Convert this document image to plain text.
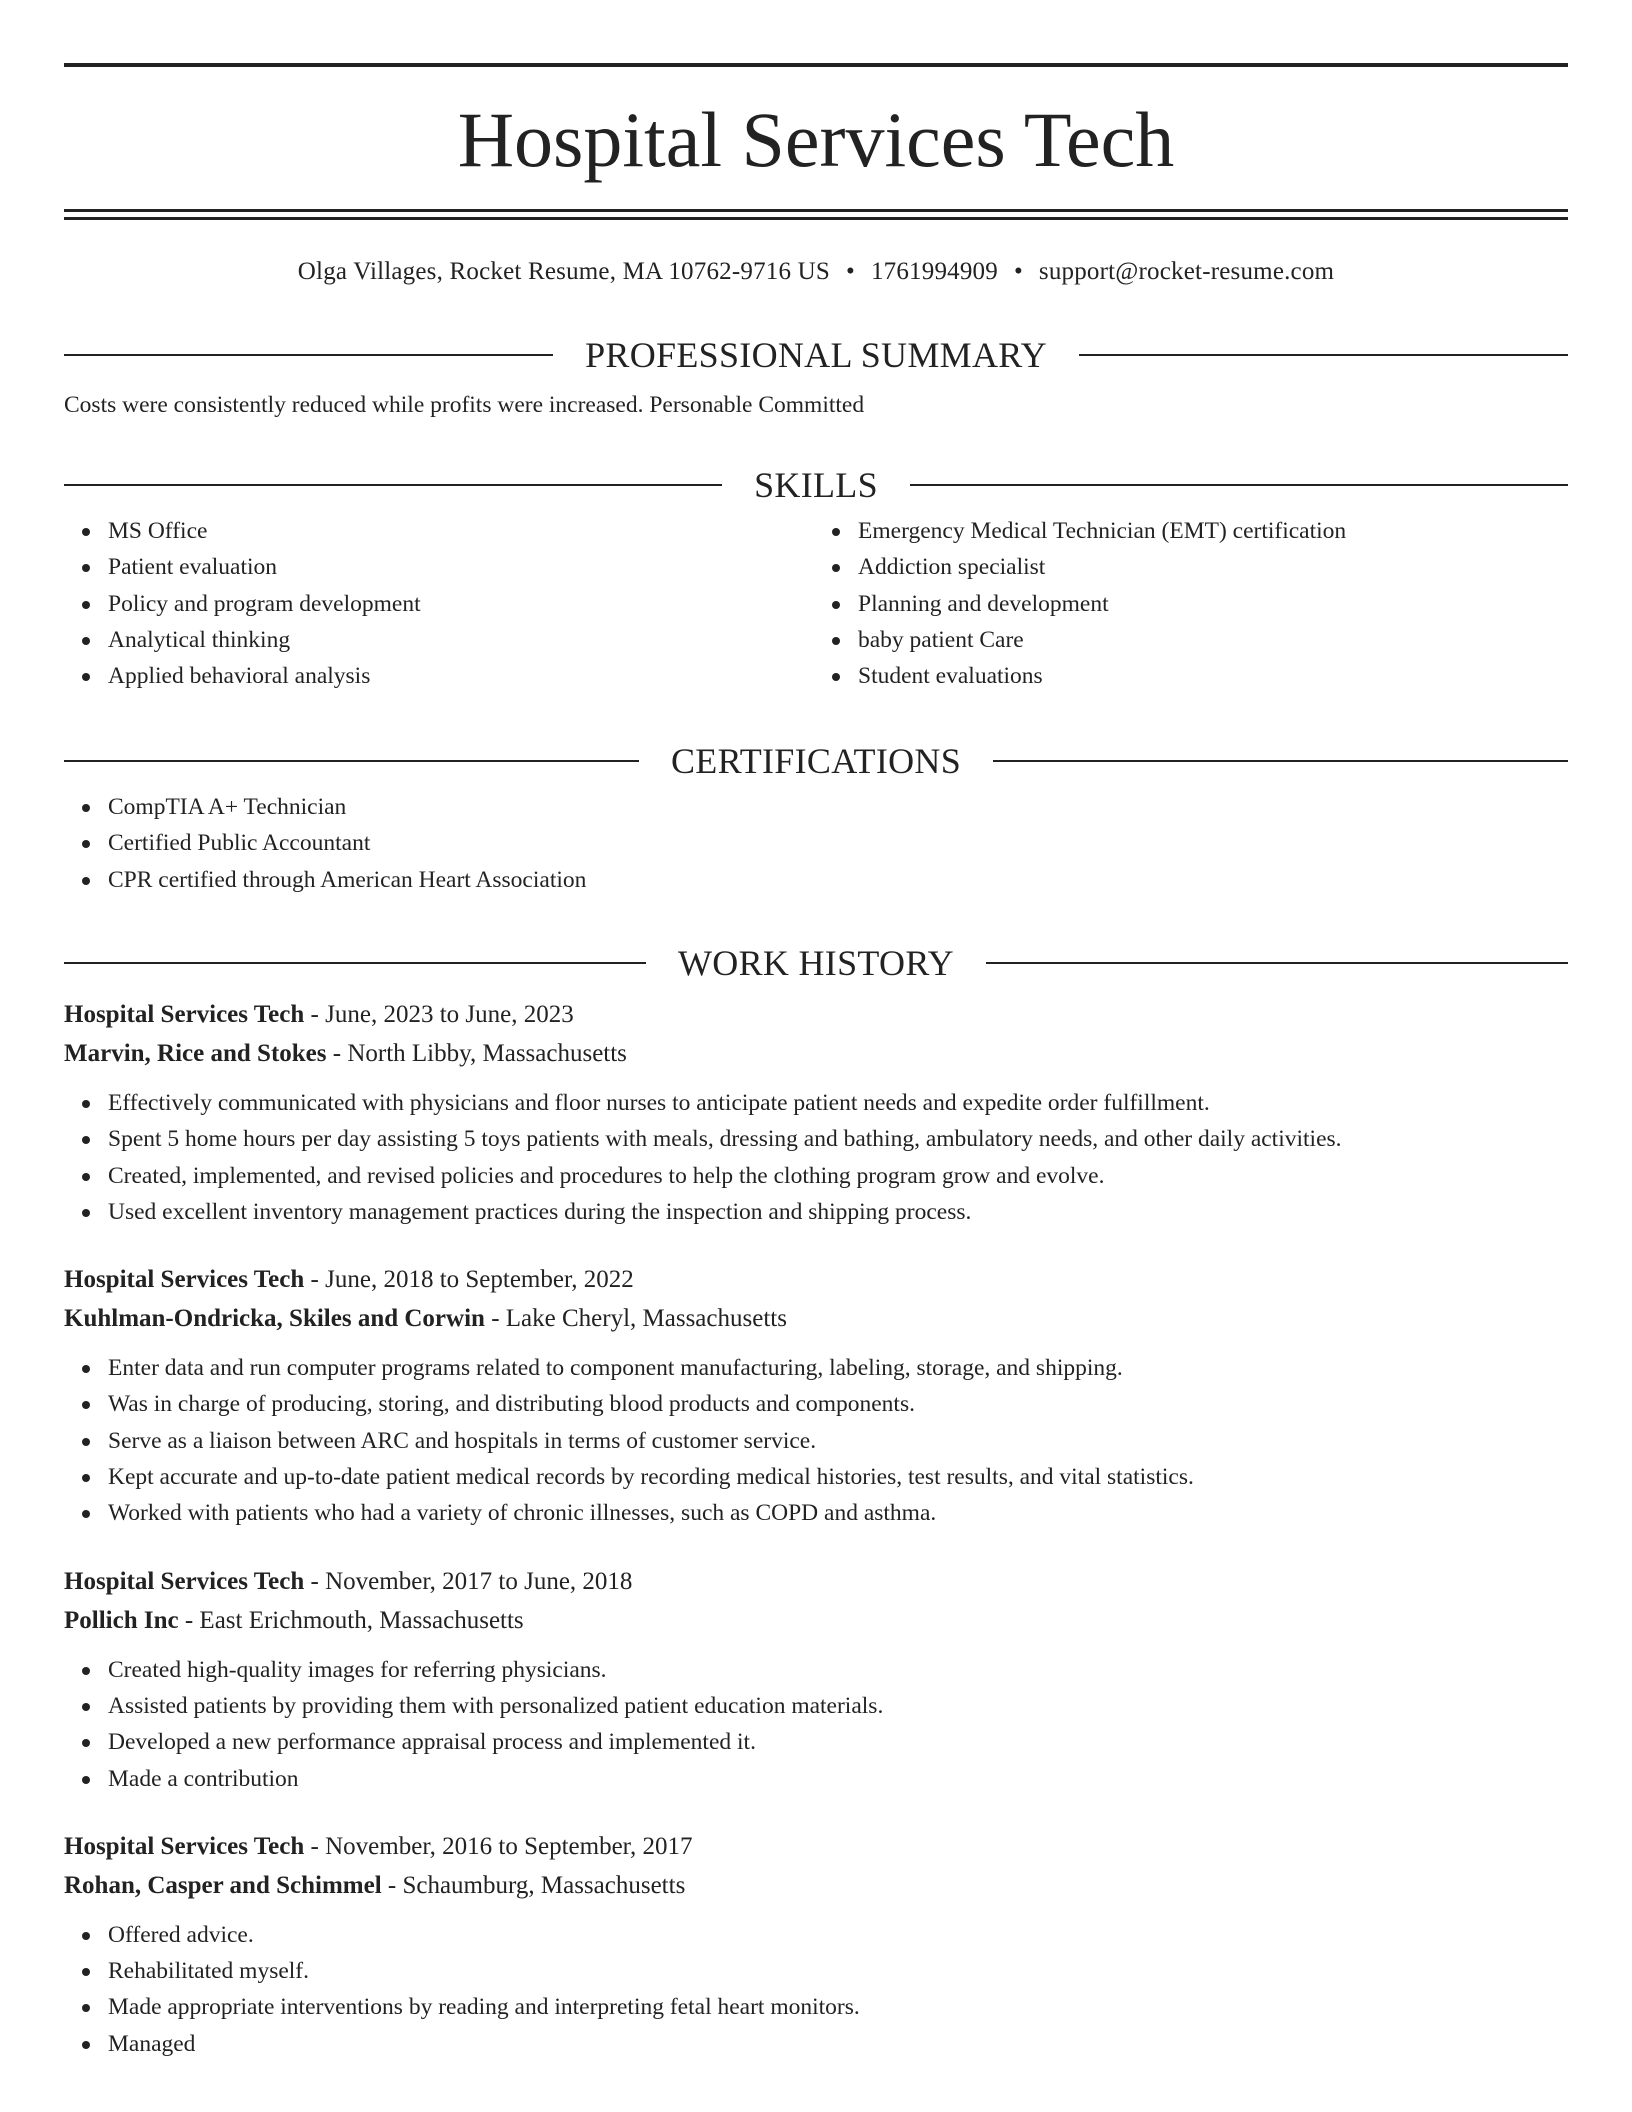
Hospital Services Tech
Olga Villages, Rocket Resume, MA 10762-9716 US • 1761994909 • support@rocket-resume.com
PROFESSIONAL SUMMARY

Costs were consistently reduced while profits were increased. Personable Committed

SKILLS
MS Office
Patient evaluation
Policy and program development
Analytical thinking
Applied behavioral analysis
Emergency Medical Technician (EMT) certification
Addiction specialist
Planning and development
baby patient Care
Student evaluations
CERTIFICATIONS
CompTIA A+ Technician
Certified Public Accountant
CPR certified through American Heart Association
WORK HISTORY

Hospital Services Tech - June, 2023 to June, 2023

Marvin, Rice and Stokes - North Libby, Massachusetts

Effectively communicated with physicians and floor nurses to anticipate patient needs and expedite order fulfillment.
Spent 5 home hours per day assisting 5 toys patients with meals, dressing and bathing, ambulatory needs, and other daily activities.
Created, implemented, and revised policies and procedures to help the clothing program grow and evolve.
Used excellent inventory management practices during the inspection and shipping process.

Hospital Services Tech - June, 2018 to September, 2022

Kuhlman-Ondricka, Skiles and Corwin - Lake Cheryl, Massachusetts

Enter data and run computer programs related to component manufacturing, labeling, storage, and shipping.
Was in charge of producing, storing, and distributing blood products and components.
Serve as a liaison between ARC and hospitals in terms of customer service.
Kept accurate and up-to-date patient medical records by recording medical histories, test results, and vital statistics.
Worked with patients who had a variety of chronic illnesses, such as COPD and asthma.

Hospital Services Tech - November, 2017 to June, 2018

Pollich Inc - East Erichmouth, Massachusetts

Created high-quality images for referring physicians.
Assisted patients by providing them with personalized patient education materials.
Developed a new performance appraisal process and implemented it.
Made a contribution

Hospital Services Tech - November, 2016 to September, 2017

Rohan, Casper and Schimmel - Schaumburg, Massachusetts

Offered advice.
Rehabilitated myself.
Made appropriate interventions by reading and interpreting fetal heart monitors.
Managed
